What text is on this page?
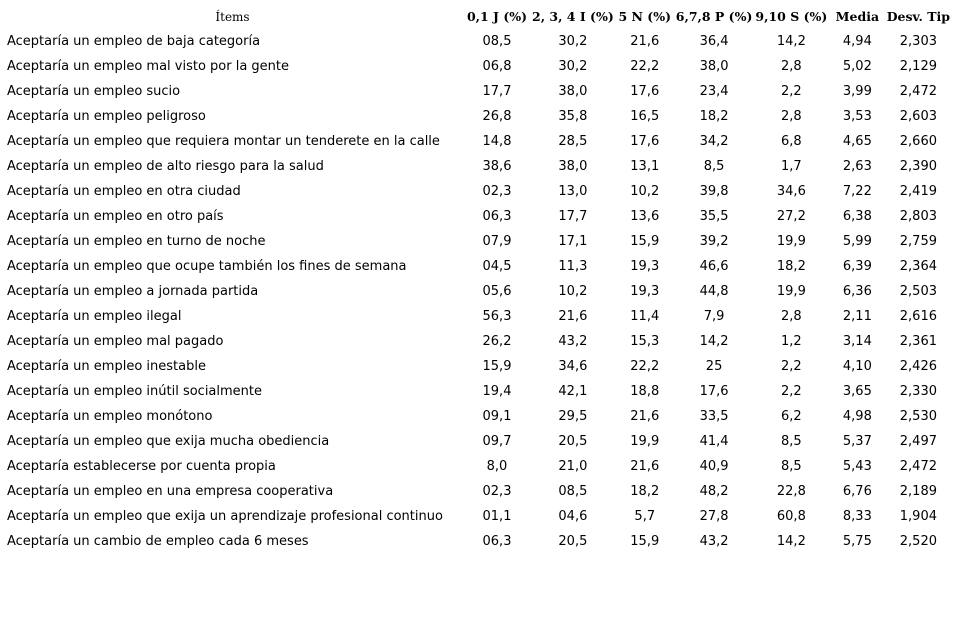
Ítems	0,1 J (%)	2, 3, 4 I (%)	5 N (%)	6,7,8 P (%)	9,10 S (%)	Media	Desv. Tip
Aceptaría un empleo de baja categoría	08,5	30,2	21,6	36,4	14,2	4,94	2,303
Aceptaría un empleo mal visto por la gente	06,8	30,2	22,2	38,0	2,8	5,02	2,129
Aceptaría un empleo sucio	17,7	38,0	17,6	23,4	2,2	3,99	2,472
Aceptaría un empleo peligroso	26,8	35,8	16,5	18,2	2,8	3,53	2,603
Aceptaría un empleo que requiera montar un tenderete en la calle	14,8	28,5	17,6	34,2	6,8	4,65	2,660
Aceptaría un empleo de alto riesgo para la salud	38,6	38,0	13,1	8,5	1,7	2,63	2,390
Aceptaría un empleo en otra ciudad	02,3	13,0	10,2	39,8	34,6	7,22	2,419
Aceptaría un empleo en otro país	06,3	17,7	13,6	35,5	27,2	6,38	2,803
Aceptaría un empleo en turno de noche	07,9	17,1	15,9	39,2	19,9	5,99	2,759
Aceptaría un empleo que ocupe también los fines de semana	04,5	11,3	19,3	46,6	18,2	6,39	2,364
Aceptaría un empleo a jornada partida	05,6	10,2	19,3	44,8	19,9	6,36	2,503
Aceptaría un empleo ilegal	56,3	21,6	11,4	7,9	2,8	2,11	2,616
Aceptaría un empleo mal pagado	26,2	43,2	15,3	14,2	1,2	3,14	2,361
Aceptaría un empleo inestable	15,9	34,6	22,2	25	2,2	4,10	2,426
Aceptaría un empleo inútil socialmente	19,4	42,1	18,8	17,6	2,2	3,65	2,330
Aceptaría un empleo monótono	09,1	29,5	21,6	33,5	6,2	4,98	2,530
Aceptaría un empleo que exija mucha obediencia	09,7	20,5	19,9	41,4	8,5	5,37	2,497
Aceptaría establecerse por cuenta propia	8,0	21,0	21,6	40,9	8,5	5,43	2,472
Aceptaría un empleo en una empresa cooperativa	02,3	08,5	18,2	48,2	22,8	6,76	2,189
Aceptaría un empleo que exija un aprendizaje profesional continuo	01,1	04,6	5,7	27,8	60,8	8,33	1,904
Aceptaría un cambio de empleo cada 6 meses	06,3	20,5	15,9	43,2	14,2	5,75	2,520
